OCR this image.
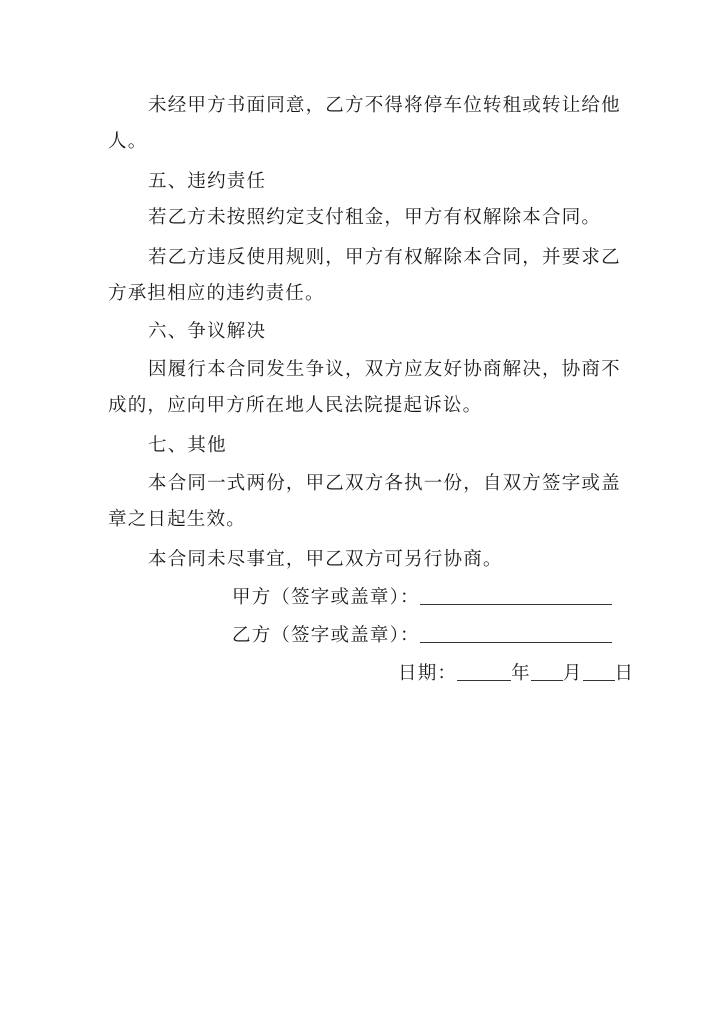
未经甲方书面同意，乙方不得将停车位转租或转让给他
人。
五、违约责任
若乙方未按照约定支付租金，甲方有权解除本合同。
若乙方违反使用规则，甲方有权解除本合同，并要求乙
方承担相应的违约责任。
六、争议解决
因履行本合同发生争议，双方应友好协商解决，协商不
成的，应向甲方所在地人民法院提起诉讼。
七、其他
本合同一式两份，甲乙双方各执一份，自双方签字或盖
章之日起生效。
本合同未尽事宜，甲乙双方可另行协商。
甲方（签字或盖章）：
乙方（签字或盖章）：
日期：	年 月 日
